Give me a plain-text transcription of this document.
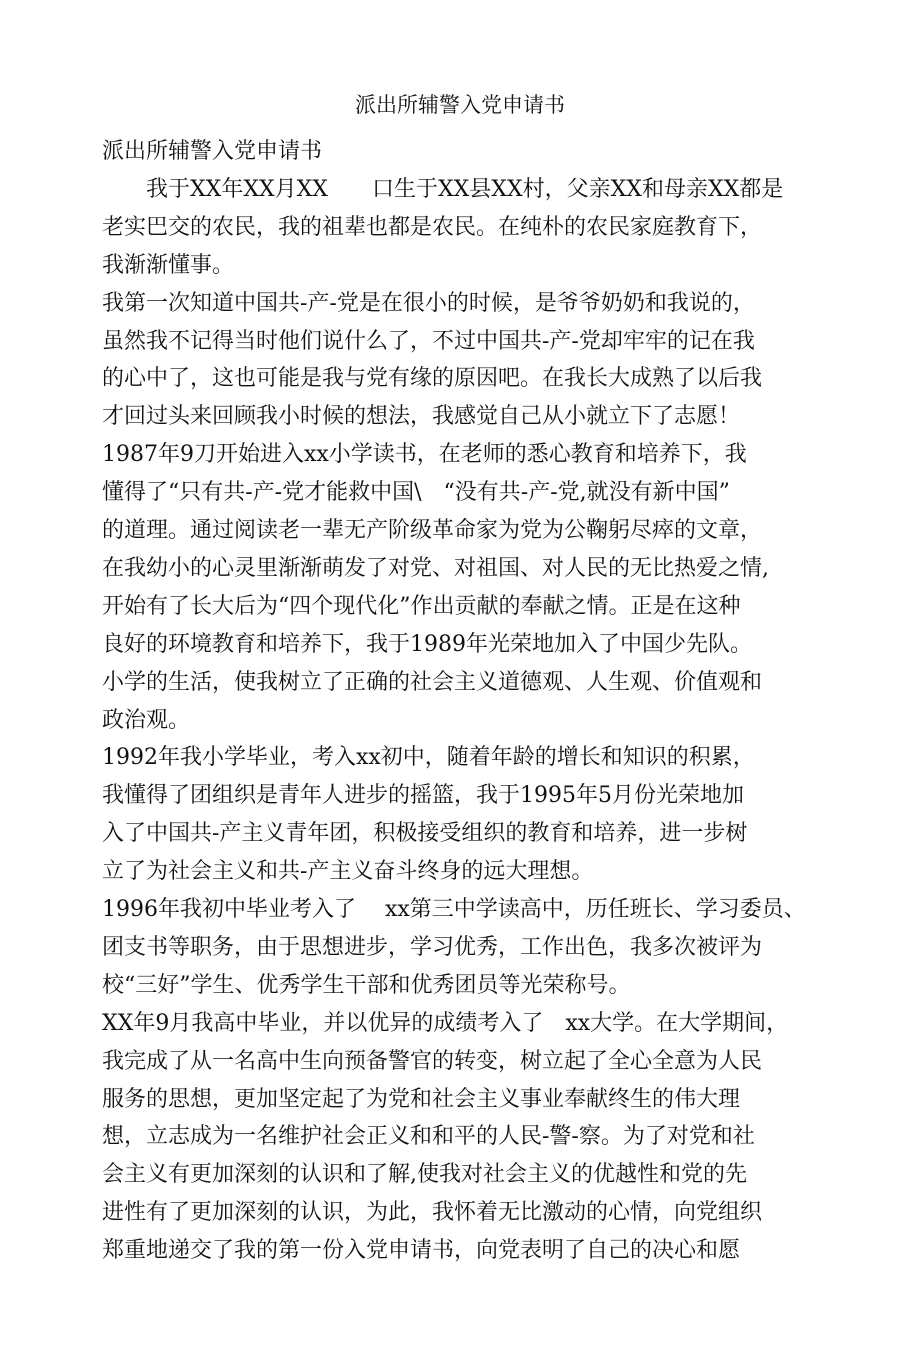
派出所辅警入党申请书
派出所辅警入党申请书
　　我于XX年XX月XX　　口生于XX县XX村，父亲XX和母亲XX都是
老实巴交的农民，我的祖辈也都是农民。在纯朴的农民家庭教育下，
我渐渐懂事。
我第一次知道中国共-产-党是在很小的时候，是爷爷奶奶和我说的，
虽然我不记得当时他们说什么了，不过中国共-产-党却牢牢的记在我
的心中了，这也可能是我与党有缘的原因吧。在我长大成熟了以后我
才回过头来回顾我小时候的想法，我感觉自己从小就立下了志愿！
1987年9刀开始进入xx小学读书，在老师的悉心教育和培养下，我
懂得了“只有共-产-党才能救中国\　“没有共-产-党,就没有新中国”
的道理。通过阅读老一辈无产阶级革命家为党为公鞠躬尽瘁的文章，
在我幼小的心灵里渐渐萌发了对党、对祖国、对人民的无比热爱之情,
开始有了长大后为“四个现代化”作出贡献的奉献之情。正是在这种
良好的环境教育和培养下，我于1989年光荣地加入了中国少先队。
小学的生活，使我树立了正确的社会主义道德观、人生观、价值观和
政治观。
1992年我小学毕业，考入xx初中，随着年龄的增长和知识的积累，
我懂得了团组织是青年人进步的摇篮，我于1995年5月份光荣地加
入了中国共-产主义青年团，积极接受组织的教育和培养，进一步树
立了为社会主义和共-产主义奋斗终身的远大理想。
1996年我初中毕业考入了　 xx第三中学读高中，历任班长、学习委员、
团支书等职务，由于思想进步，学习优秀，工作出色，我多次被评为
校“三好”学生、优秀学生干部和优秀团员等光荣称号。
XX年9月我高中毕业，并以优异的成绩考入了　xx大学。在大学期间，
我完成了从一名高中生向预备警官的转变，树立起了全心全意为人民
服务的思想，更加坚定起了为党和社会主义事业奉献终生的伟大理
想，立志成为一名维护社会正义和和平的人民-警-察。为了对党和社
会主义有更加深刻的认识和了解,使我对社会主义的优越性和党的先
进性有了更加深刻的认识，为此，我怀着无比激动的心情，向党组织
郑重地递交了我的第一份入党申请书，向党表明了自己的决心和愿
